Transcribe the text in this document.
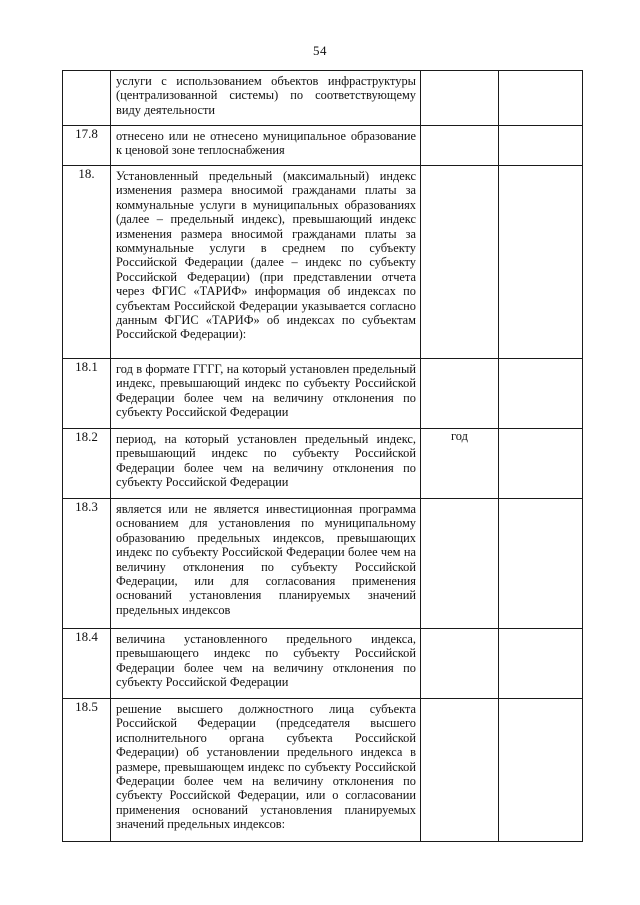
54

	услуги с использованием объектов инфраструктуры (централизованной системы) по соответствующему виду деятельности		

17.8	отнесено или не отнесено муниципальное образование к ценовой зоне теплоснабжения		

18.	Установленный предельный (максимальный) индекс изменения размера вносимой гражданами платы за коммунальные услуги в муниципальных образованиях (далее – предельный индекс), превышающий индекс изменения размера вносимой гражданами платы за коммунальные услуги в среднем по субъекту Российской Федерации (далее – индекс по субъекту Российской Федерации) (при представлении отчета через ФГИС «ТАРИФ» информация об индексах по субъектам Российской Федерации указывается согласно данным ФГИС «ТАРИФ» об индексах по субъектам Российской Федерации):		

18.1	год в формате ГГГГ, на который установлен предельный индекс, превышающий индекс по субъекту Российской Федерации более чем на величину отклонения по субъекту Российской Федерации		

18.2	период, на который установлен предельный индекс, превышающий индекс по субъекту Российской Федерации более чем на величину отклонения по субъекту Российской Федерации	год	
18.3	является или не является инвестиционная программа основанием для установления по муниципальному образованию предельных индексов, превышающих индекс по субъекту Российской Федерации более чем на величину отклонения по субъекту Российской Федерации, или для согласования применения оснований установления планируемых значений предельных индексов		

18.4	величина установленного предельного индекса, превышающего индекс по субъекту Российской Федерации более чем на величину отклонения по субъекту Российской Федерации		

18.5	решение высшего должностного лица субъекта Российской Федерации (председателя высшего исполнительного органа субъекта Российской Федерации) об установлении предельного индекса в размере, превышающем индекс по субъекту Российской Федерации более чем на величину отклонения по субъекту Российской Федерации, или о согласовании применения оснований установления планируемых значений предельных индексов:		
